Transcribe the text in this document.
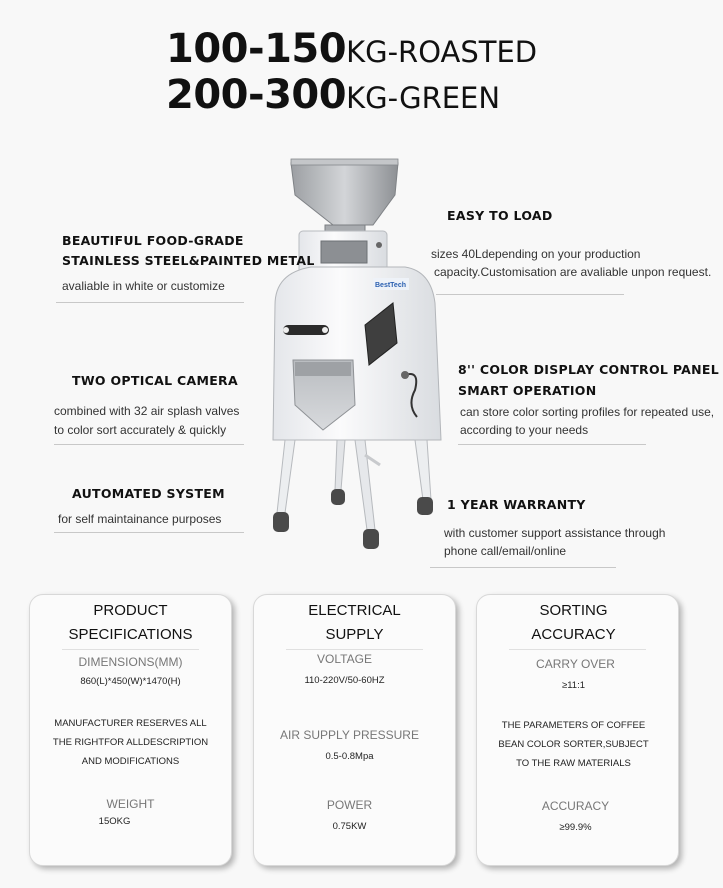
100-150KG-ROASTED
200-300KG-GREEN
BestTech
BEAUTIFUL FOOD-GRADE
STAINLESS STEEL&PAINTED METAL
avaliable in white or customize
TWO OPTICAL CAMERA
combined with 32 air splash valves
to color sort accurately & quickly
AUTOMATED SYSTEM
for self maintainance purposes
EASY TO LOAD
sizes 40Ldepending on your production
capacity.Customisation are avaliable unpon request.
8'' COLOR DISPLAY CONTROL PANEL
SMART OPERATION
can store color sorting profiles for repeated use,
according to your needs
1 YEAR WARRANTY
with customer support assistance through
phone call/email/online
PRODUCT
SPECIFICATIONS
DIMENSIONS(MM)
860(L)*450(W)*1470(H)
MANUFACTURER RESERVES ALL
THE RIGHTFOR ALLDESCRIPTION
AND MODIFICATIONS
WEIGHT
15OKG
ELECTRICAL
SUPPLY
VOLTAGE
110-220V/50-60HZ
AIR SUPPLY PRESSURE
0.5-0.8Mpa
POWER
0.75KW
SORTING
ACCURACY
CARRY OVER
≥11:1
THE PARAMETERS OF COFFEE
BEAN COLOR SORTER,SUBJECT
TO THE RAW MATERIALS
ACCURACY
≥99.9%
